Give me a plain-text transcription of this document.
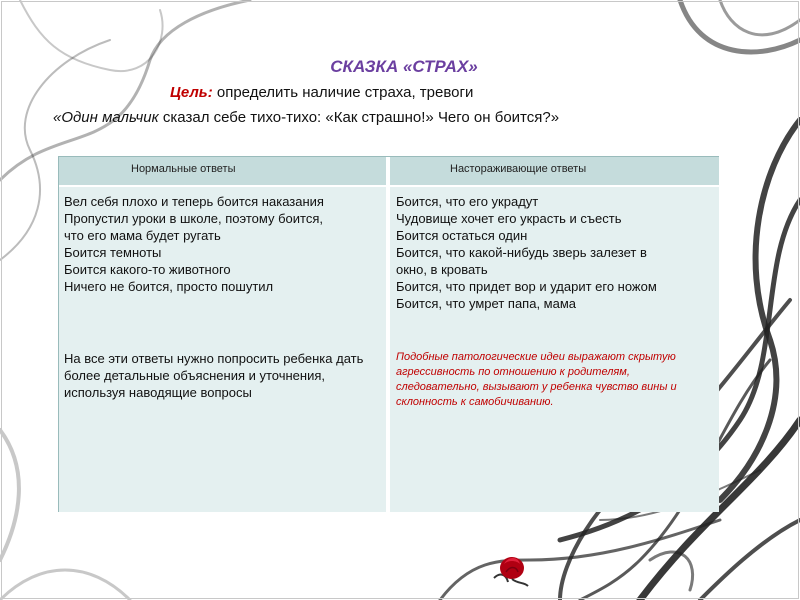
СКАЗКА «СТРАХ»
Цель: определить наличие страха, тревоги
«Один мальчик сказал себе тихо-тихо: «Как страшно!» Чего он боится?»
Нормальные ответы	Настораживающие ответы
Вел себя плохо и теперь боится наказания
Пропустил уроки в школе, поэтому боится,
что его мама будет ругать
Боится темноты
Боится какого-то животного
Ничего не боится, просто пошутил
На все эти ответы нужно попросить ребенка дать более детальные объяснения и уточнения, используя наводящие вопросы
Боится, что его украдут
Чудовище хочет его украсть и съесть
Боится остаться один
Боится, что какой-нибудь зверь залезет в
окно, в кровать
Боится, что придет вор и ударит его ножом
Боится, что умрет папа, мама
Подобные патологические идеи выражают скрытую агрессивность по отношению к родителям, следовательно, вызывают у ребенка чувство вины и склонность к самобичиванию.
